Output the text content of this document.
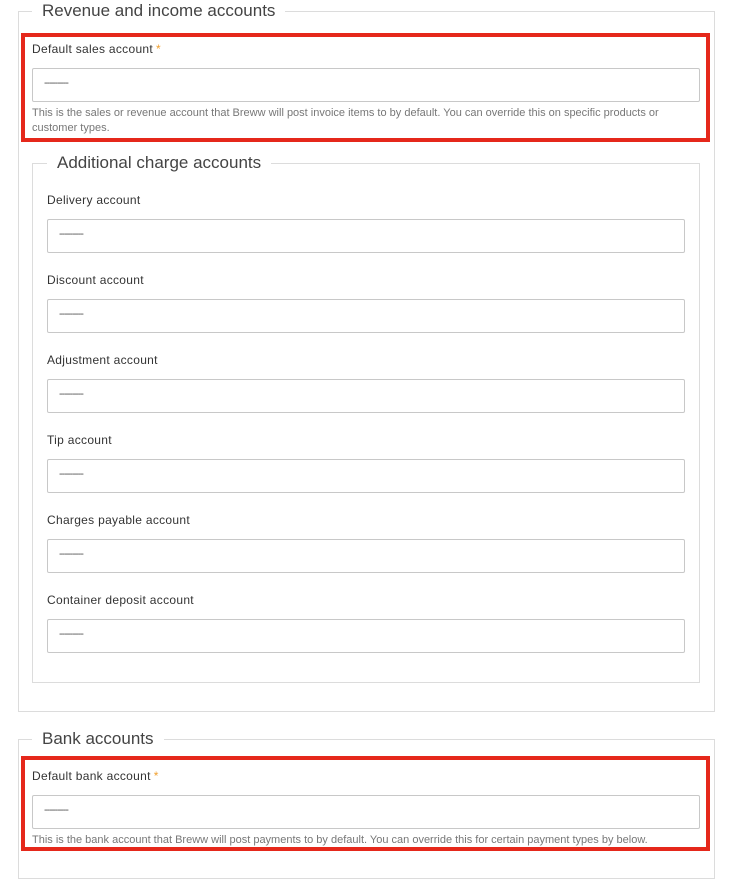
Revenue and income accounts
Default sales account *
---------
This is the sales or revenue account that Breww will post invoice items to by default. You can override this on specific products or customer types.
Additional charge accounts
Delivery account
---------
Discount account
---------
Adjustment account
---------
Tip account
---------
Charges payable account
---------
Container deposit account
---------
Bank accounts
Default bank account *
---------
This is the bank account that Breww will post payments to by default. You can override this for certain payment types by below.
